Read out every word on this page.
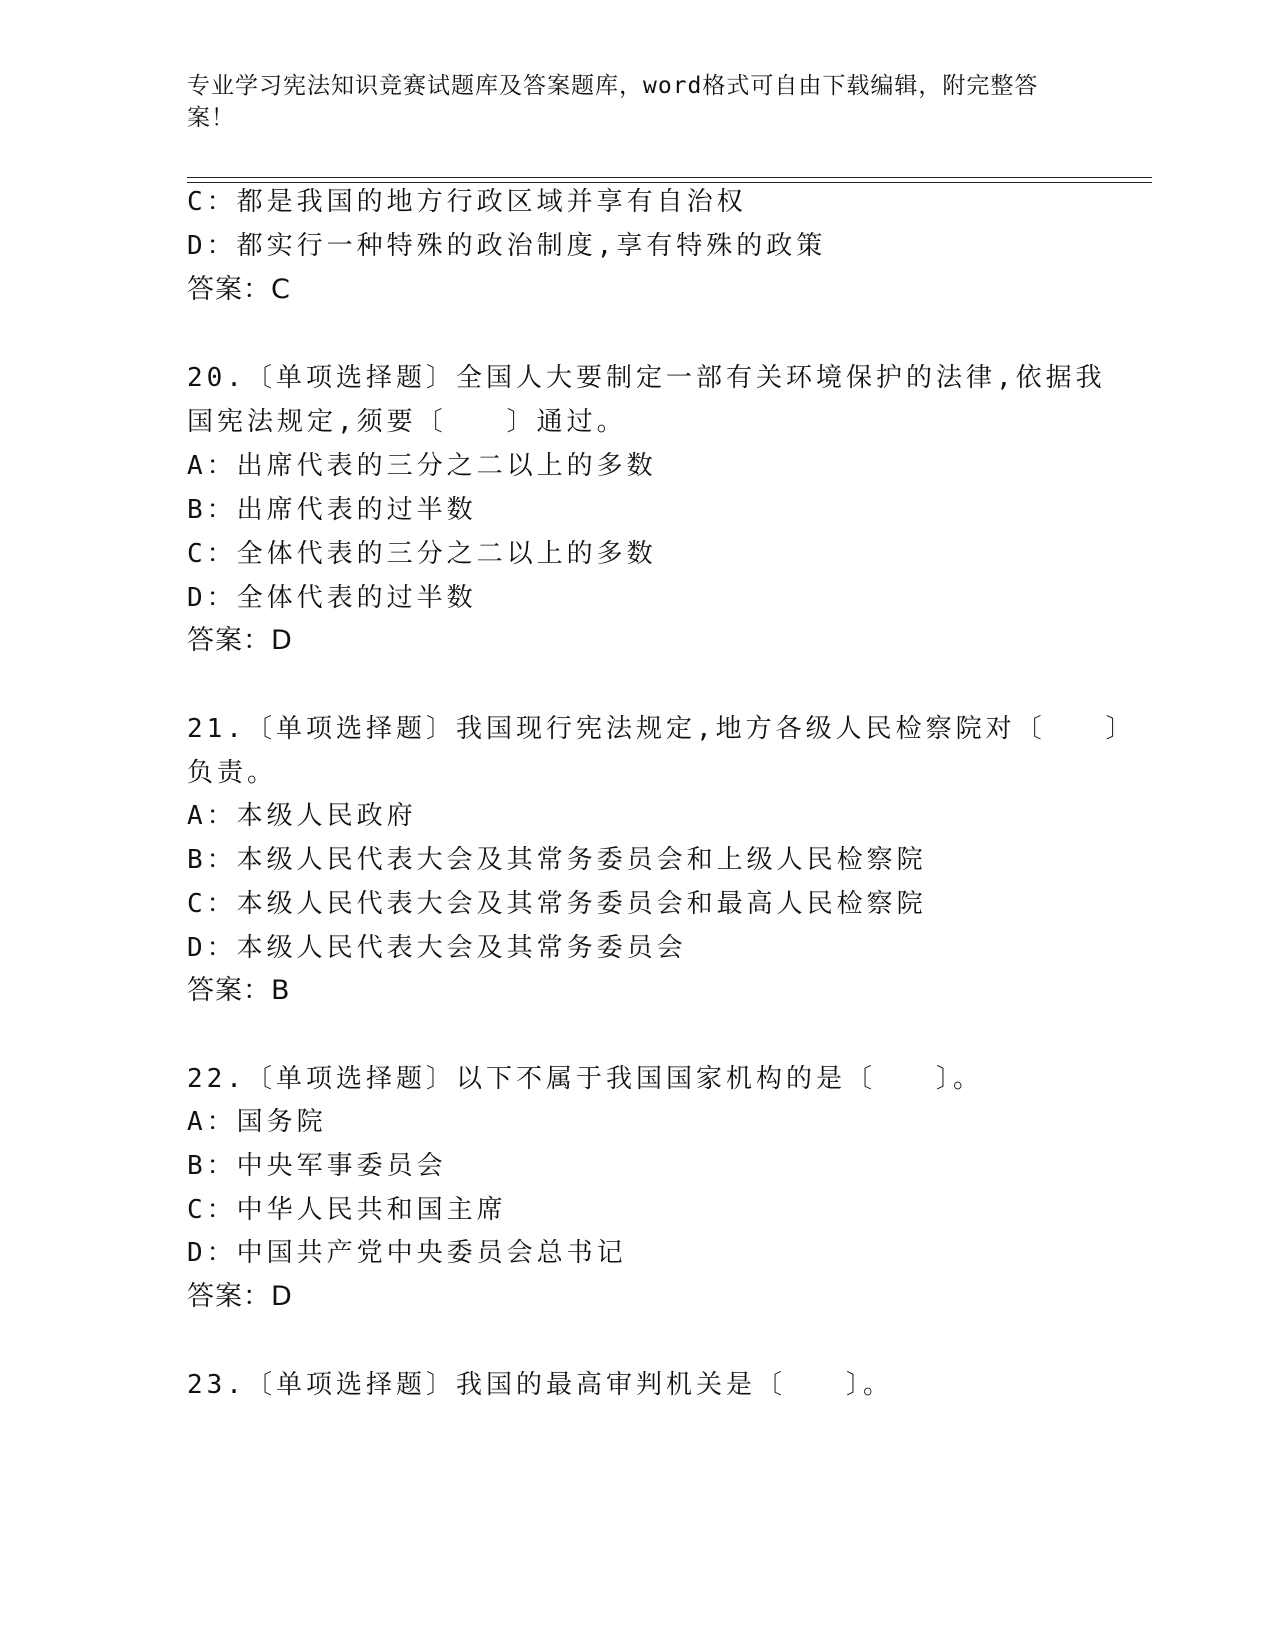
专业学习宪法知识竞赛试题库及答案题库，word格式可自由下载编辑，附完整答
案！
C：都是我国的地方行政区域并享有自治权
D：都实行一种特殊的政治制度,享有特殊的政策
答案：C
20.〔单项选择题〕全国人大要制定一部有关环境保护的法律,依据我
国宪法规定,须要〔　　〕通过。
A：出席代表的三分之二以上的多数
B：出席代表的过半数
C：全体代表的三分之二以上的多数
D：全体代表的过半数
答案：D
21.〔单项选择题〕我国现行宪法规定,地方各级人民检察院对〔　　〕
负责。
A：本级人民政府
B：本级人民代表大会及其常务委员会和上级人民检察院
C：本级人民代表大会及其常务委员会和最高人民检察院
D：本级人民代表大会及其常务委员会
答案：B
22.〔单项选择题〕以下不属于我国国家机构的是〔　　〕。
A：国务院
B：中央军事委员会
C：中华人民共和国主席
D：中国共产党中央委员会总书记
答案：D
23.〔单项选择题〕我国的最高审判机关是〔　　〕。
